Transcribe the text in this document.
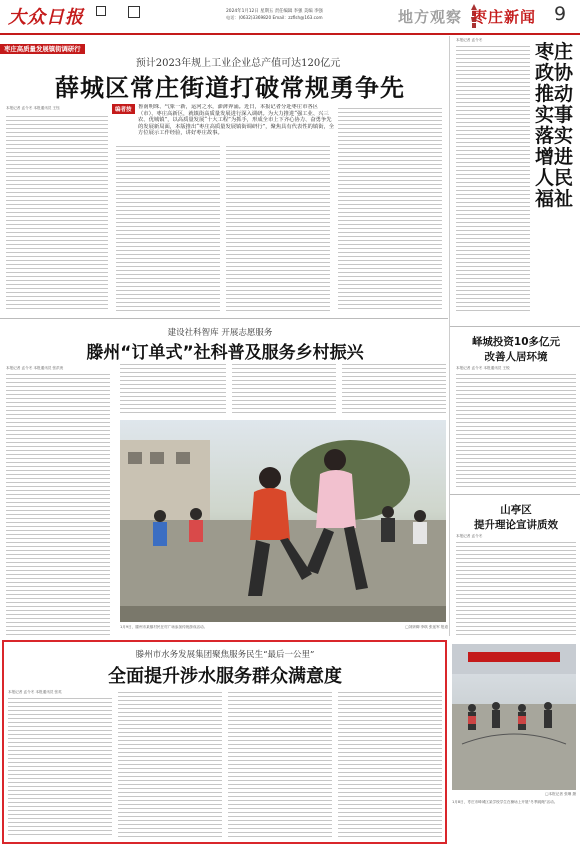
大众日报	2024年1月12日 星期五 责任编辑 李强 美编 李强
电话：(0632)3369820 Email：zzflsh@163.com	地方观察 枣庄新闻 9
枣庄高质量发展镇街调研行
预计2023年规上工业企业总产值可达120亿元
薛城区常庄街道打破常规勇争先
本报记者 孟令冬 本报通讯员 王钰	编者按	鲁南明珠、气象一新，运河之水，澎湃奔涌。近日，本报记者分赴枣庄市各区（市）、枣庄高新区，就镇街高质量发展进行深入调研。为大力推进“强工业、兴三农、优城镇”，以高质量发展“十大工程”为抓手，形成全市上下齐心协力、奋勇争先的发展新局面，本版推出“枣庄高质量发展镇街调研行”，聚焦具有代表性的镇街，全方位展示工作经验，讲好枣庄故事。
本报记者 孟令冬
枣庄政协推动实事落实增进人民福祉
峄城投资10多亿元
改善人居环境
本报记者 孟令冬 本报通讯员 王锐
山亭区
提升理论宣讲质效
本报记者 孟令冬
建设社科智库 开展志愿服务
滕州“订单式”社科普及服务乡村振兴
本报记者 孟令冬 本报通讯员 张洪贵
1月9日，滕州市某镇村民在村广场参加传统游戏活动。	□刘妍卿 李琪 张延军 报道
滕州市水务发展集团聚焦服务民生“最后一公里”
全面提升涉水服务群众满意度
本报记者 孟令冬 本报通讯员 张英
□本报记者 张琳 摄
1月8日，枣庄市峄城区某学校学生在操场上开展“冬季跳绳”活动。
